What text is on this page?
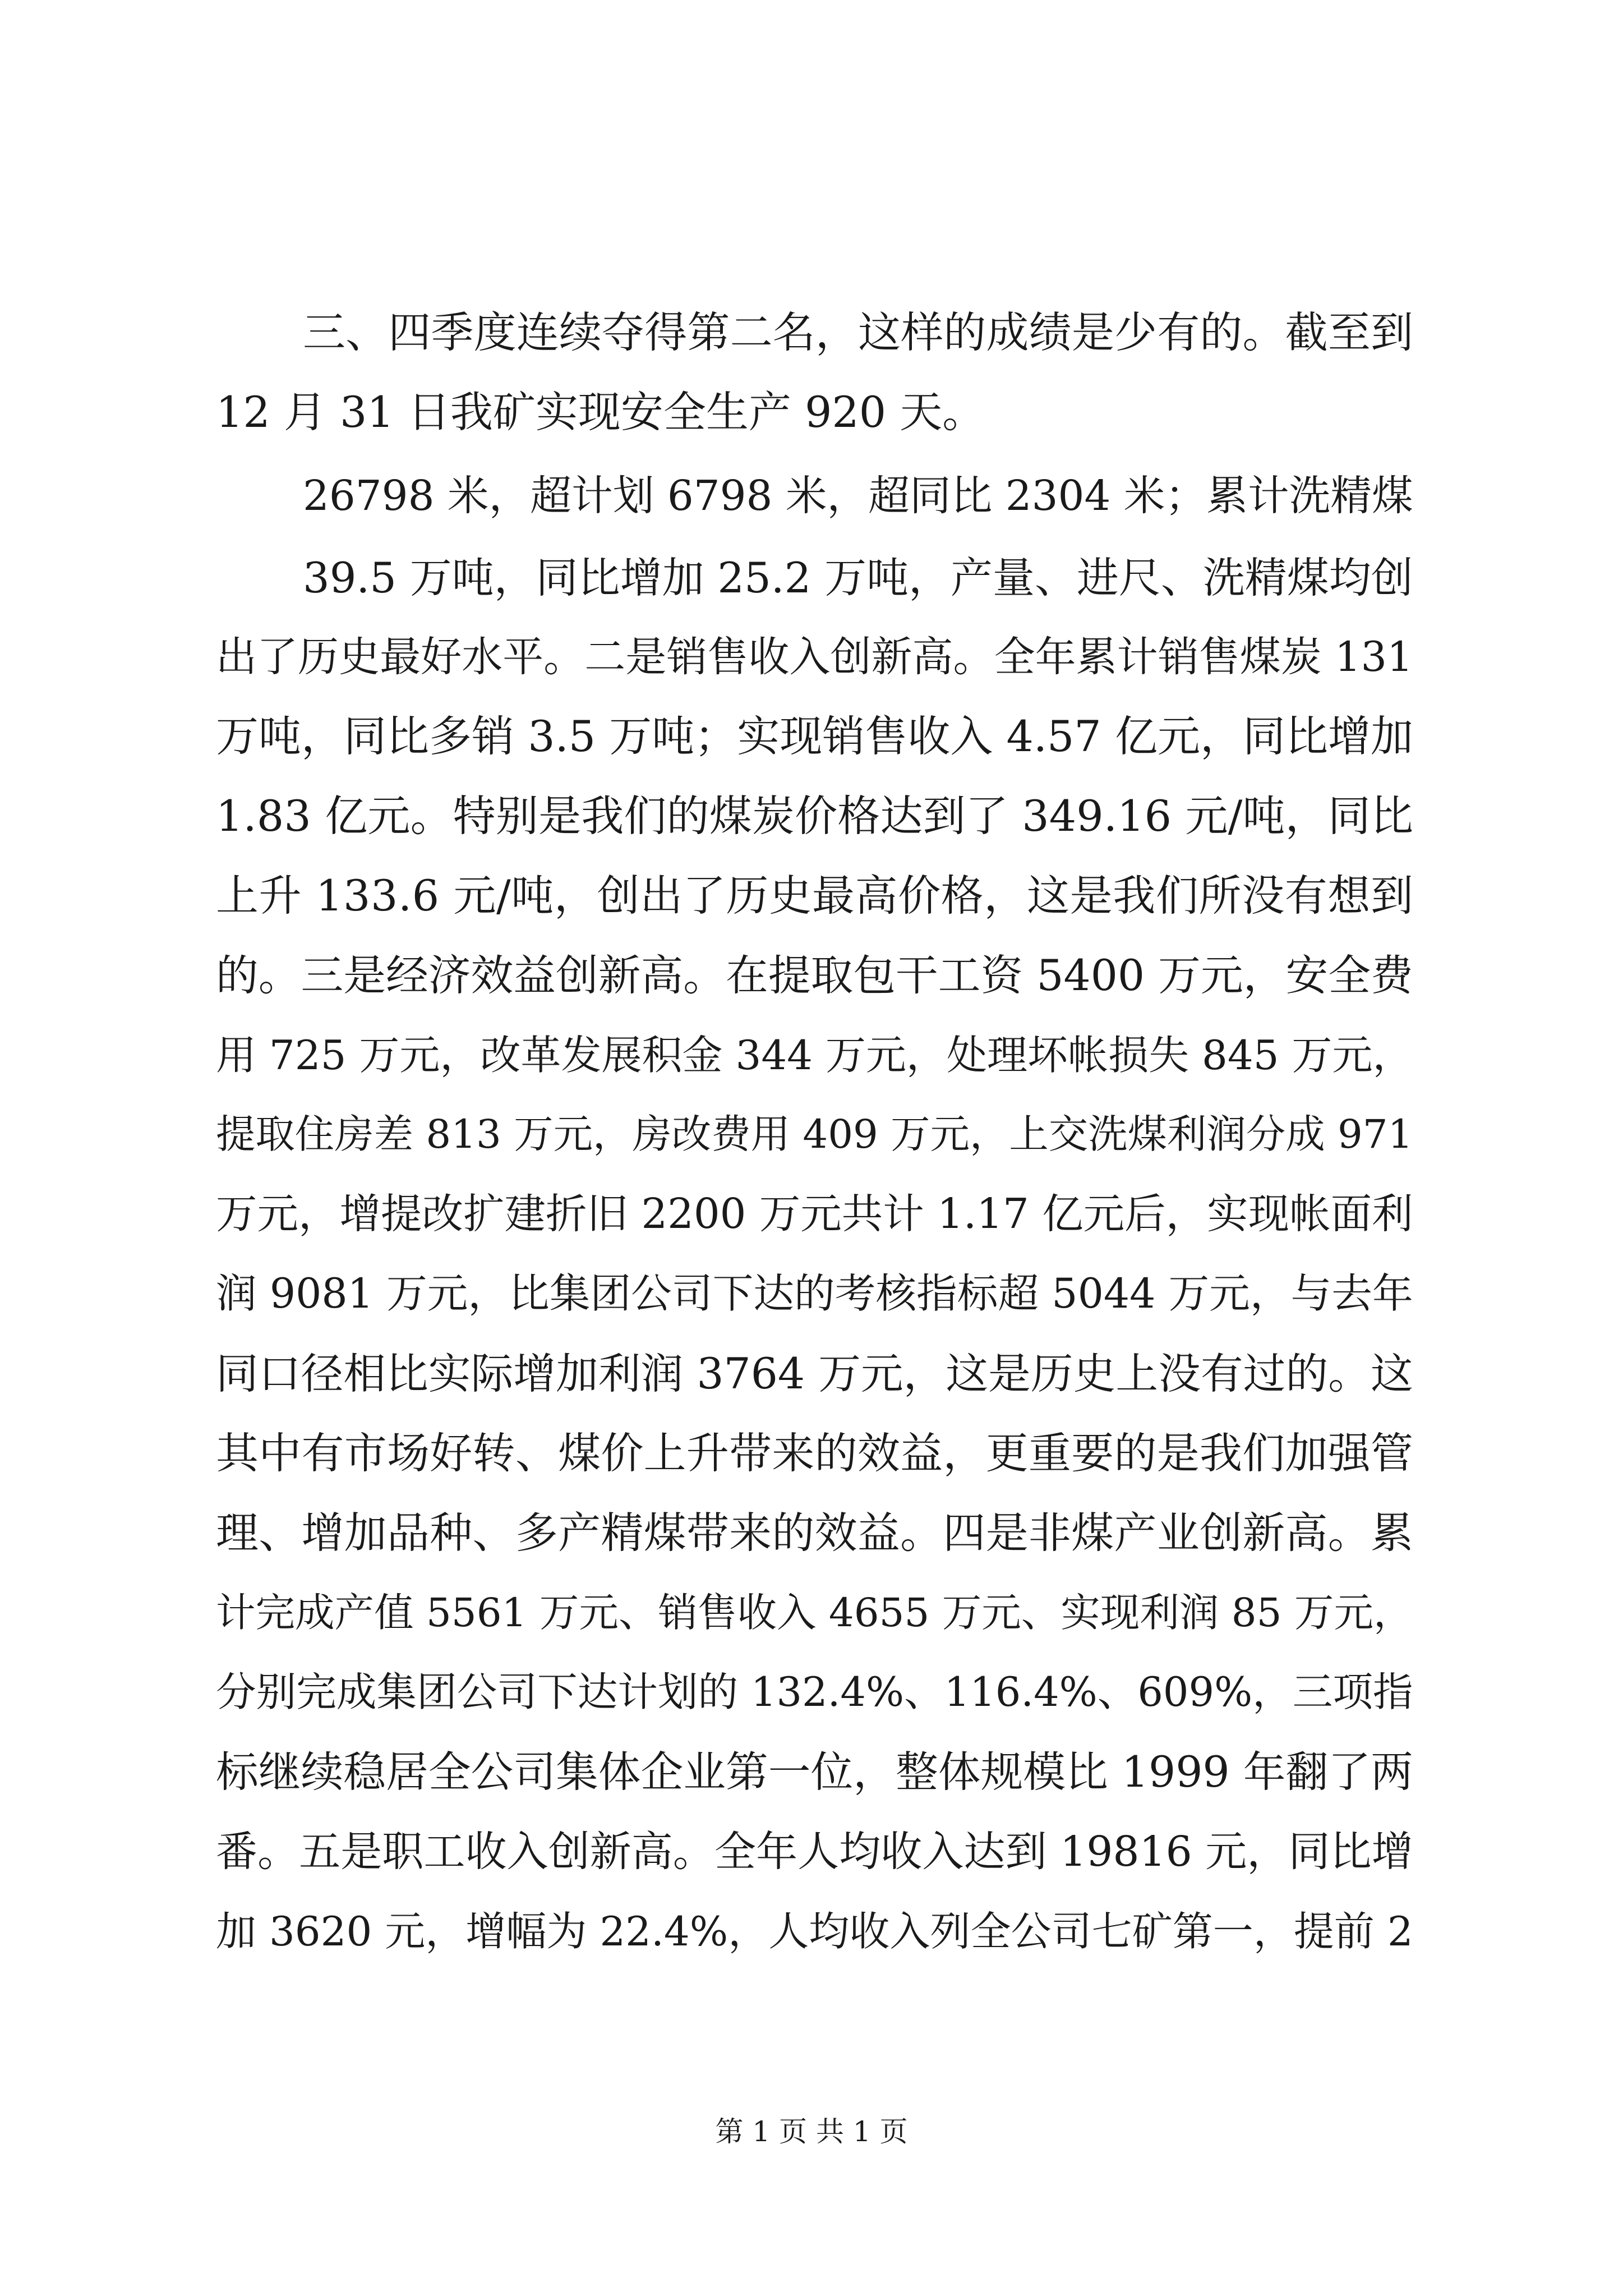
三、四季度连续夺得第二名，这样的成绩是少有的。截至到
12 月 31 日我矿实现安全生产 920 天。
26798 米，超计划 6798 米，超同比 2304 米；累计洗精煤
39.5 万吨，同比增加 25.2 万吨，产量、进尺、洗精煤均创
出了历史最好水平。二是销售收入创新高。全年累计销售煤炭 131
万吨，同比多销 3.5 万吨；实现销售收入 4.57 亿元，同比增加
1.83 亿元。特别是我们的煤炭价格达到了 349.16 元/吨，同比
上升 133.6 元/吨，创出了历史最高价格，这是我们所没有想到
的。三是经济效益创新高。在提取包干工资 5400 万元，安全费
用 725 万元，改革发展积金 344 万元，处理坏帐损失 845 万元，
提取住房差 813 万元，房改费用 409 万元，上交洗煤利润分成 971
万元，增提改扩建折旧 2200 万元共计 1.17 亿元后，实现帐面利
润 9081 万元，比集团公司下达的考核指标超 5044 万元，与去年
同口径相比实际增加利润 3764 万元，这是历史上没有过的。这
其中有市场好转、煤价上升带来的效益，更重要的是我们加强管
理、增加品种、多产精煤带来的效益。四是非煤产业创新高。累
计完成产值 5561 万元、销售收入 4655 万元、实现利润 85 万元，
分别完成集团公司下达计划的 132.4%、116.4%、609%，三项指
标继续稳居全公司集体企业第一位，整体规模比 1999 年翻了两
番。五是职工收入创新高。全年人均收入达到 19816 元，同比增
加 3620 元，增幅为 22.4%，人均收入列全公司七矿第一，提前 2
第 1 页 共 1 页
